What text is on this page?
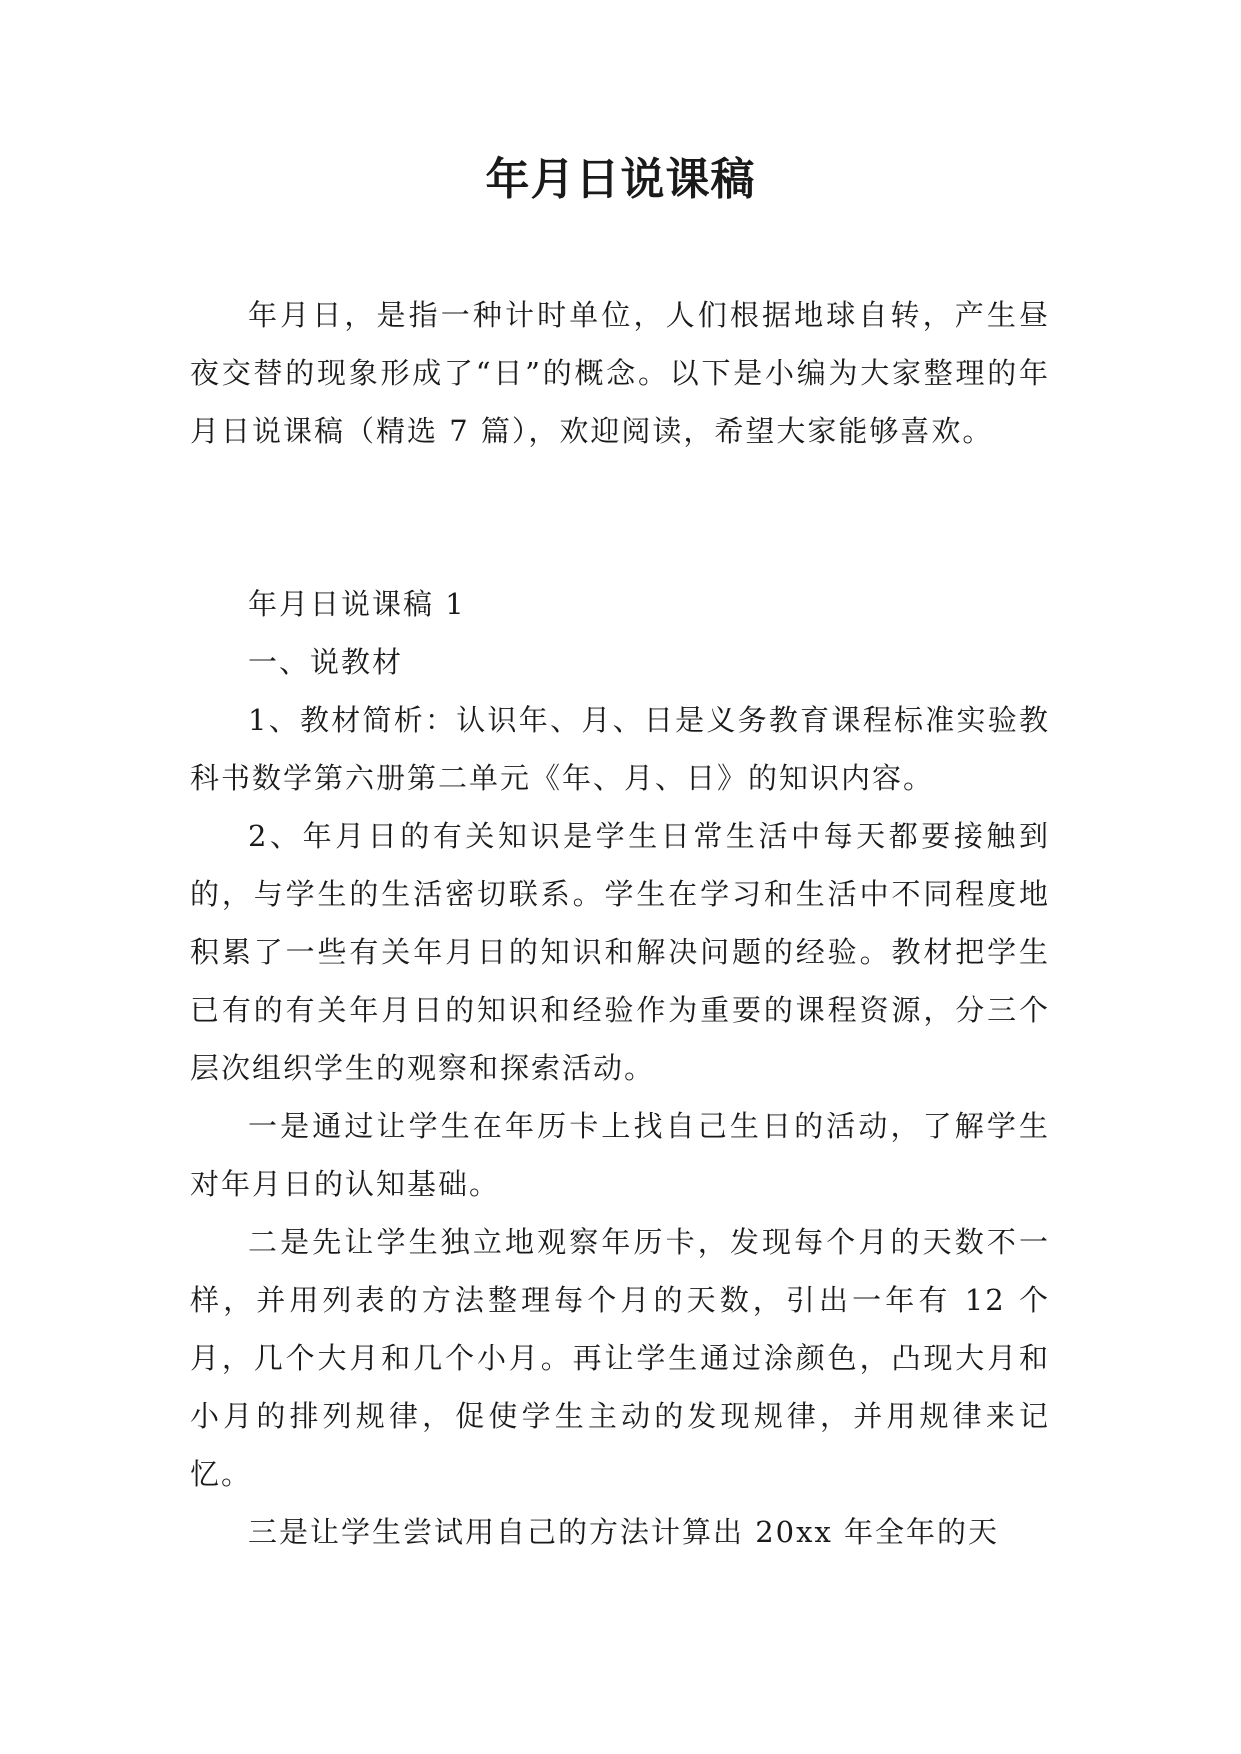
年月日说课稿

年月日，是指一种计时单位，人们根据地球自转，产生昼夜交替的现象形成了“日”的概念。以下是小编为大家整理的年月日说课稿（精选 7 篇），欢迎阅读，希望大家能够喜欢。

年月日说课稿 1

一、说教材

1、教材简析：认识年、月、日是义务教育课程标准实验教科书数学第六册第二单元《年、月、日》的知识内容。

2、年月日的有关知识是学生日常生活中每天都要接触到的，与学生的生活密切联系。学生在学习和生活中不同程度地积累了一些有关年月日的知识和解决问题的经验。教材把学生已有的有关年月日的知识和经验作为重要的课程资源，分三个层次组织学生的观察和探索活动。

一是通过让学生在年历卡上找自己生日的活动，了解学生对年月日的认知基础。

二是先让学生独立地观察年历卡，发现每个月的天数不一样，并用列表的方法整理每个月的天数，引出一年有 12 个月，几个大月和几个小月。再让学生通过涂颜色，凸现大月和小月的排列规律，促使学生主动的发现规律，并用规律来记忆。

三是让学生尝试用自己的方法计算出 20xx 年全年的天
